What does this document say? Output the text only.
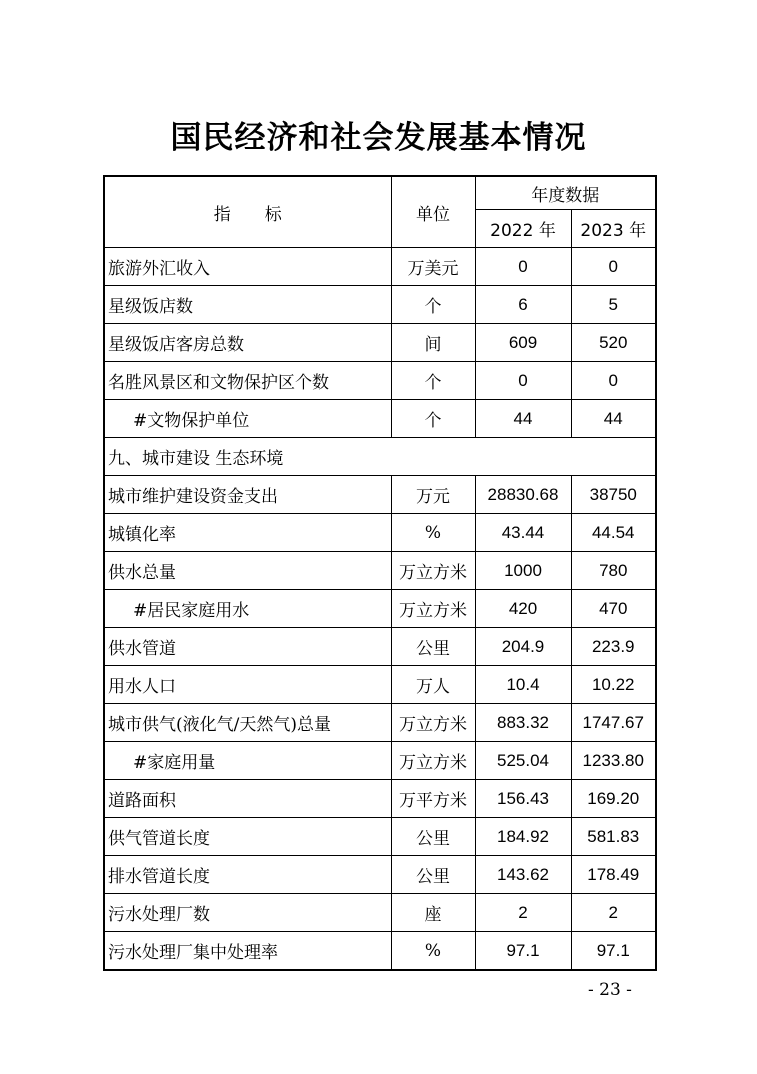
国民经济和社会发展基本情况
指　　标	单位	年度数据	
		2022 年	2023 年
旅游外汇收入	万美元	0	0
星级饭店数	个	6	5
星级饭店客房总数	间	609	520
名胜风景区和文物保护区个数	个	0	0
#文物保护单位	个	44	44
九、城市建设 生态环境			
城市维护建设资金支出	万元	28830.68	38750
城镇化率	%	43.44	44.54
供水总量	万立方米	1000	780
#居民家庭用水	万立方米	420	470
供水管道	公里	204.9	223.9
用水人口	万人	10.4	10.22
城市供气(液化气/天然气)总量	万立方米	883.32	1747.67
#家庭用量	万立方米	525.04	1233.80
道路面积	万平方米	156.43	169.20
供气管道长度	公里	184.92	581.83
排水管道长度	公里	143.62	178.49
污水处理厂数	座	2	2
污水处理厂集中处理率	%	97.1	97.1
- 23 -
